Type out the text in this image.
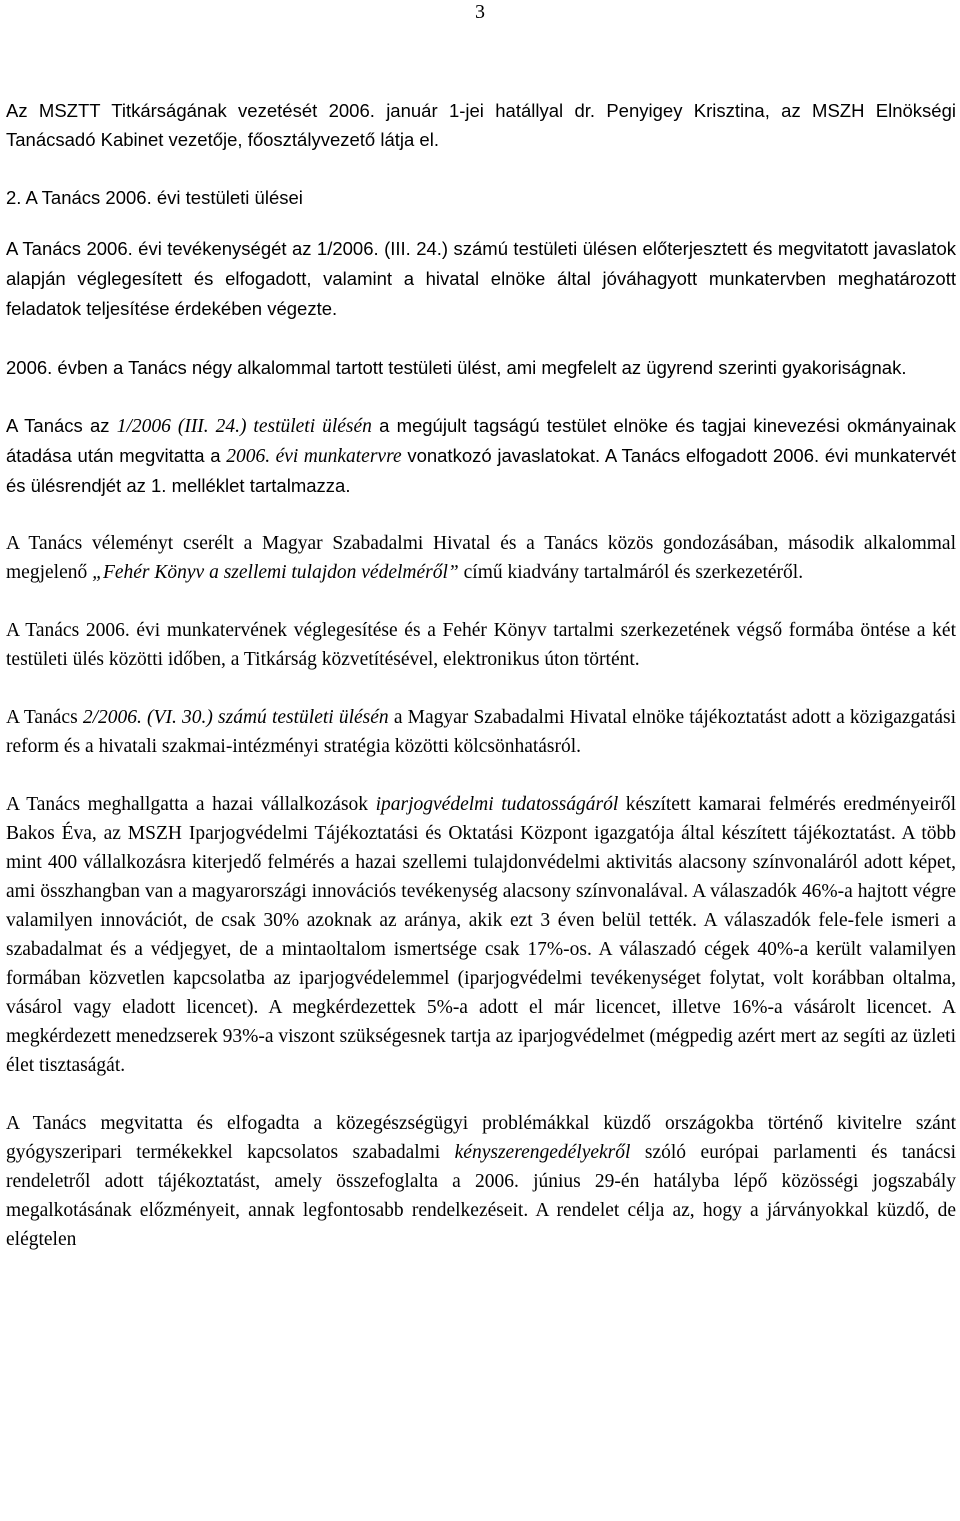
3

Az MSZTT Titkárságának vezetését 2006. január 1-jei hatállyal dr. Penyigey Krisztina, az MSZH Elnökségi Tanácsadó Kabinet vezetője, főosztályvezető látja el.

2. A Tanács 2006. évi testületi ülései

A Tanács 2006. évi tevékenységét az 1/2006. (III. 24.) számú testületi ülésen előterjesztett és megvitatott javaslatok alapján véglegesített és elfogadott, valamint a hivatal elnöke által jóváhagyott munkatervben meghatározott feladatok teljesítése érdekében végezte.

2006. évben a Tanács négy alkalommal tartott testületi ülést, ami megfelelt az ügyrend szerinti gyakoriságnak.

A Tanács az 1/2006 (III. 24.) testületi ülésén a megújult tagságú testület elnöke és tagjai kinevezési okmányainak átadása után megvitatta a 2006. évi munkatervre vonatkozó javaslatokat. A Tanács elfogadott 2006. évi munkatervét és ülésrendjét az 1. melléklet tartalmazza.

A Tanács véleményt cserélt a Magyar Szabadalmi Hivatal és a Tanács közös gondozásában, második alkalommal megjelenő „Fehér Könyv a szellemi tulajdon védelméről” című kiadvány tartalmáról és szerkezetéről.

A Tanács 2006. évi munkatervének véglegesítése és a Fehér Könyv tartalmi szerkezetének végső formába öntése a két testületi ülés közötti időben, a Titkárság közvetítésével, elektronikus úton történt.

A Tanács 2/2006. (VI. 30.) számú testületi ülésén a Magyar Szabadalmi Hivatal elnöke tájékoztatást adott a közigazgatási reform és a hivatali szakmai-intézményi stratégia közötti kölcsönhatásról.

A Tanács meghallgatta a hazai vállalkozások iparjogvédelmi tudatosságáról készített kamarai felmérés eredményeiről Bakos Éva, az MSZH Iparjogvédelmi Tájékoztatási és Oktatási Központ igazgatója által készített tájékoztatást. A több mint 400 vállalkozásra kiterjedő felmérés a hazai szellemi tulajdonvédelmi aktivitás alacsony színvonaláról adott képet, ami összhangban van a magyarországi innovációs tevékenység alacsony színvonalával. A válaszadók 46%-a hajtott végre valamilyen innovációt, de csak 30% azoknak az aránya, akik ezt 3 éven belül tették. A válaszadók fele-fele ismeri a szabadalmat és a védjegyet, de a mintaoltalom ismertsége csak 17%-os. A válaszadó cégek 40%-a került valamilyen formában közvetlen kapcsolatba az iparjogvédelemmel (iparjogvédelmi tevékenységet folytat, volt korábban oltalma, vásárol vagy eladott licencet). A megkérdezettek 5%-a adott el már licencet, illetve 16%-a vásárolt licencet. A megkérdezett menedzserek 93%-a viszont szükségesnek tartja az iparjogvédelmet (mégpedig azért mert az segíti az üzleti élet tisztaságát.

A Tanács megvitatta és elfogadta a közegészségügyi problémákkal küzdő országokba történő kivitelre szánt gyógyszeripari termékekkel kapcsolatos szabadalmi kényszerengedélyekről szóló európai parlamenti és tanácsi rendeletről adott tájékoztatást, amely összefoglalta a 2006. június 29-én hatályba lépő közösségi jogszabály megalkotásának előzményeit, annak legfontosabb rendelkezéseit. A rendelet célja az, hogy a járványokkal küzdő, de elégtelen
